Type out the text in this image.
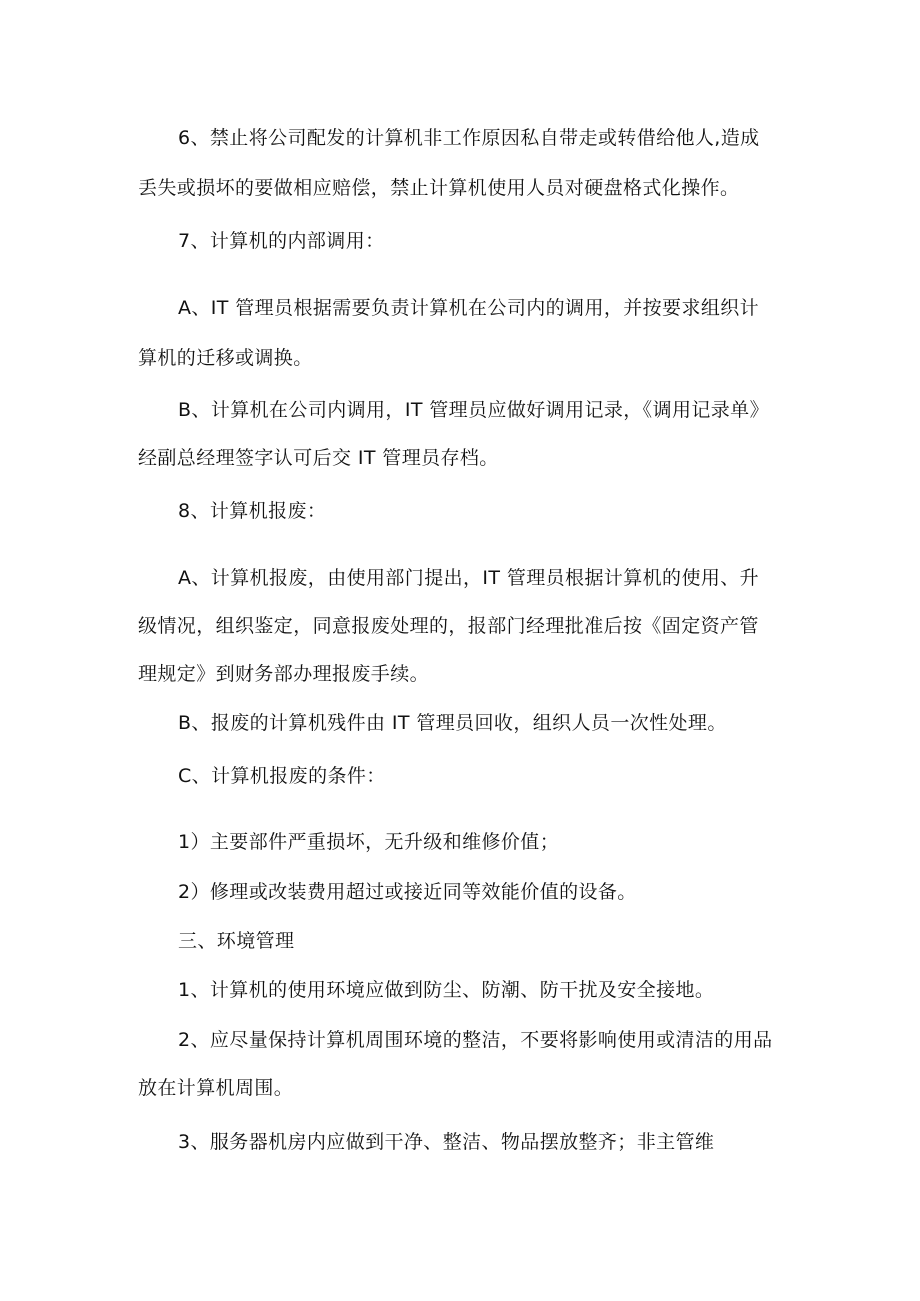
6、禁止将公司配发的计算机非工作原因私自带走或转借给他人,造成
丢失或损坏的要做相应赔偿，禁止计算机使用人员对硬盘格式化操作。
7、计算机的内部调用：
A、IT 管理员根据需要负责计算机在公司内的调用，并按要求组织计
算机的迁移或调换。
B、计算机在公司内调用，IT 管理员应做好调用记录，《调用记录单》
经副总经理签字认可后交 IT 管理员存档。
8、计算机报废：
A、计算机报废，由使用部门提出，IT 管理员根据计算机的使用、升
级情况，组织鉴定，同意报废处理的，报部门经理批准后按《固定资产管
理规定》到财务部办理报废手续。
B、报废的计算机残件由 IT 管理员回收，组织人员一次性处理。
C、计算机报废的条件：
1）主要部件严重损坏，无升级和维修价值；
2）修理或改装费用超过或接近同等效能价值的设备。
三、环境管理
1、计算机的使用环境应做到防尘、防潮、防干扰及安全接地。
2、应尽量保持计算机周围环境的整洁，不要将影响使用或清洁的用品
放在计算机周围。
3、服务器机房内应做到干净、整洁、物品摆放整齐；非主管维
